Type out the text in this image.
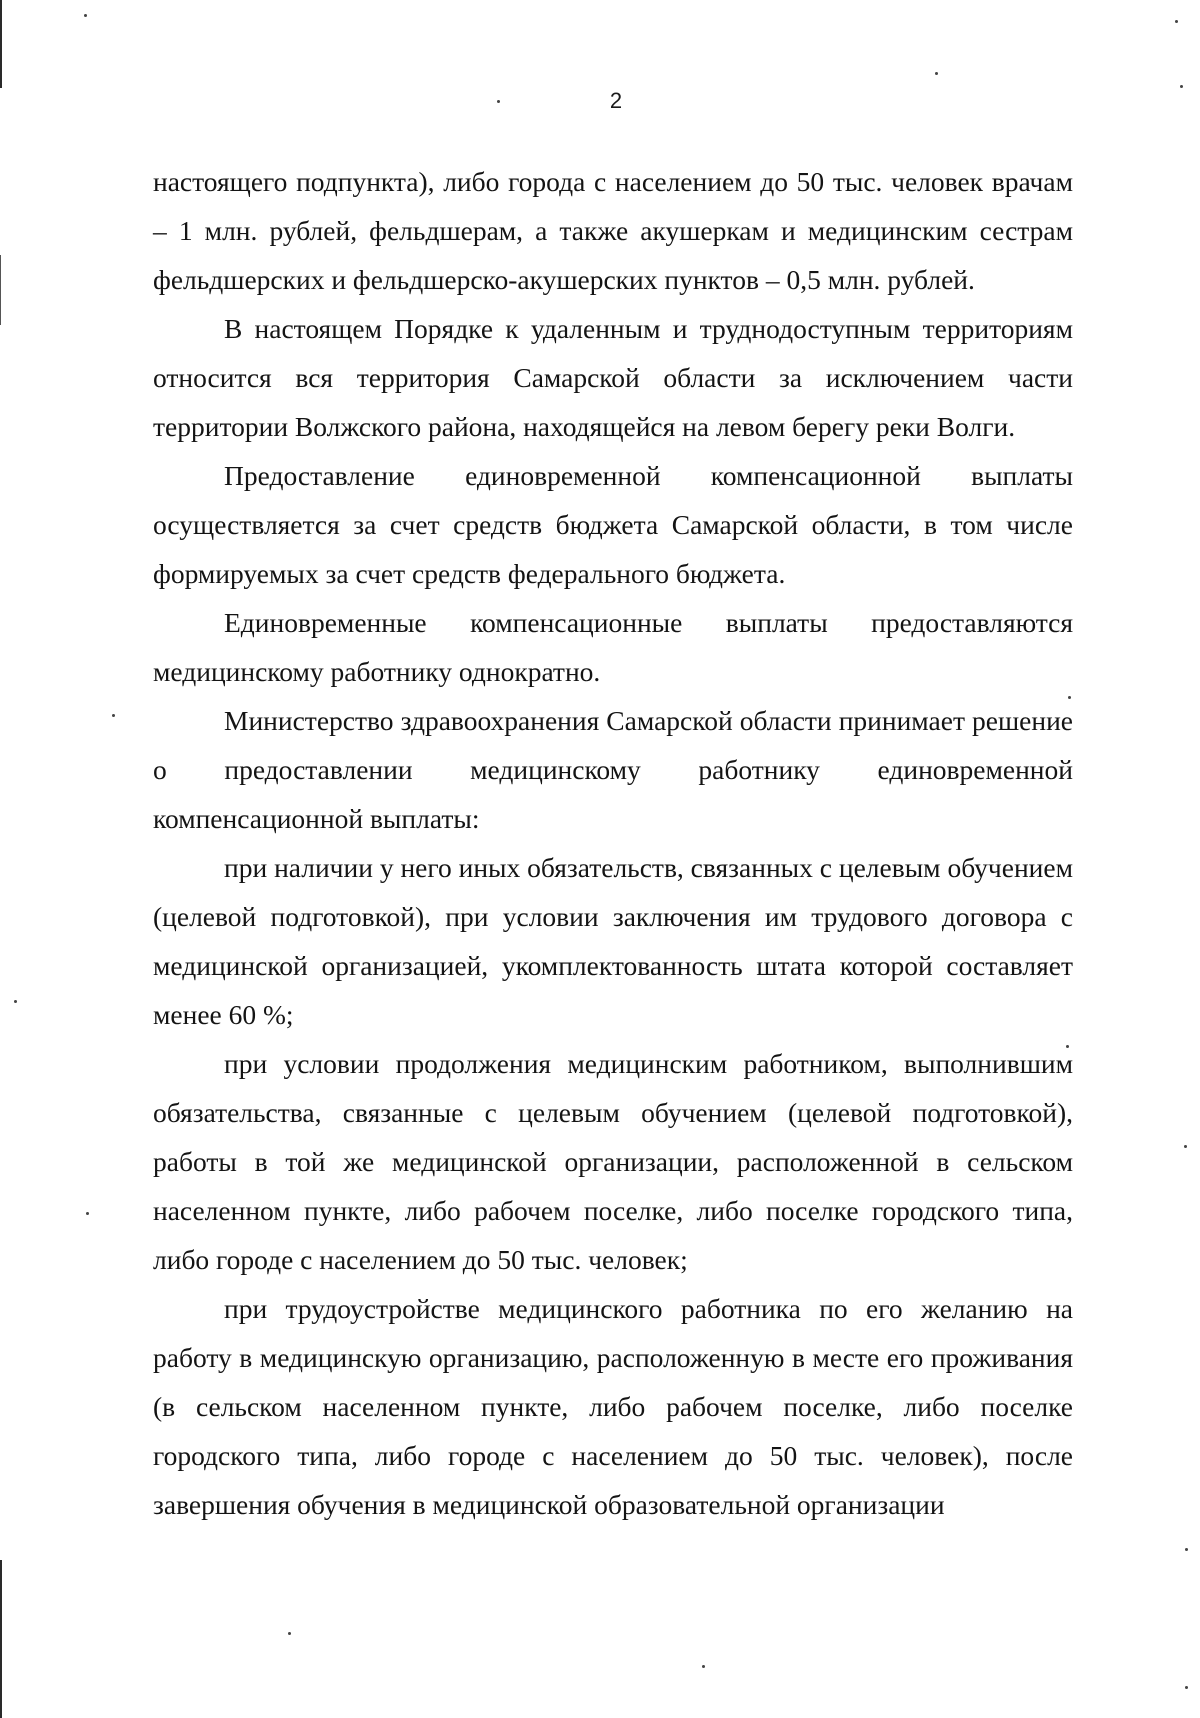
2

настоящего подпункта), либо города с населением до 50 тыс. человек врачам – 1 млн. рублей, фельдшерам, а также акушеркам и медицинским сестрам фельдшерских и фельдшерско-акушерских пунктов – 0,5 млн. рублей.

В настоящем Порядке к удаленным и труднодоступным территориям относится вся территория Самарской области за исключением части территории Волжского района, находящейся на левом берегу реки Волги.

Предоставление единовременной компенсационной выплаты осуществляется за счет средств бюджета Самарской области, в том числе формируемых за счет средств федерального бюджета.

Единовременные компенсационные выплаты предоставляются медицинскому работнику однократно.

Министерство здравоохранения Самарской области принимает решение о предоставлении медицинскому работнику единовременной компенсационной выплаты:

при наличии у него иных обязательств, связанных с целевым обучением (целевой подготовкой), при условии заключения им трудового договора с медицинской организацией, укомплектованность штата которой составляет менее 60 %;

при условии продолжения медицинским работником, выполнившим обязательства, связанные с целевым обучением (целевой подготовкой), работы в той же медицинской организации, расположенной в сельском населенном пункте, либо рабочем поселке, либо поселке городского типа, либо городе с населением до 50 тыс. человек;

при трудоустройстве медицинского работника по его желанию на работу в медицинскую организацию, расположенную в месте его проживания (в сельском населенном пункте, либо рабочем поселке, либо поселке городского типа, либо городе с населением до 50 тыс. человек), после завершения обучения в медицинской образовательной организации
